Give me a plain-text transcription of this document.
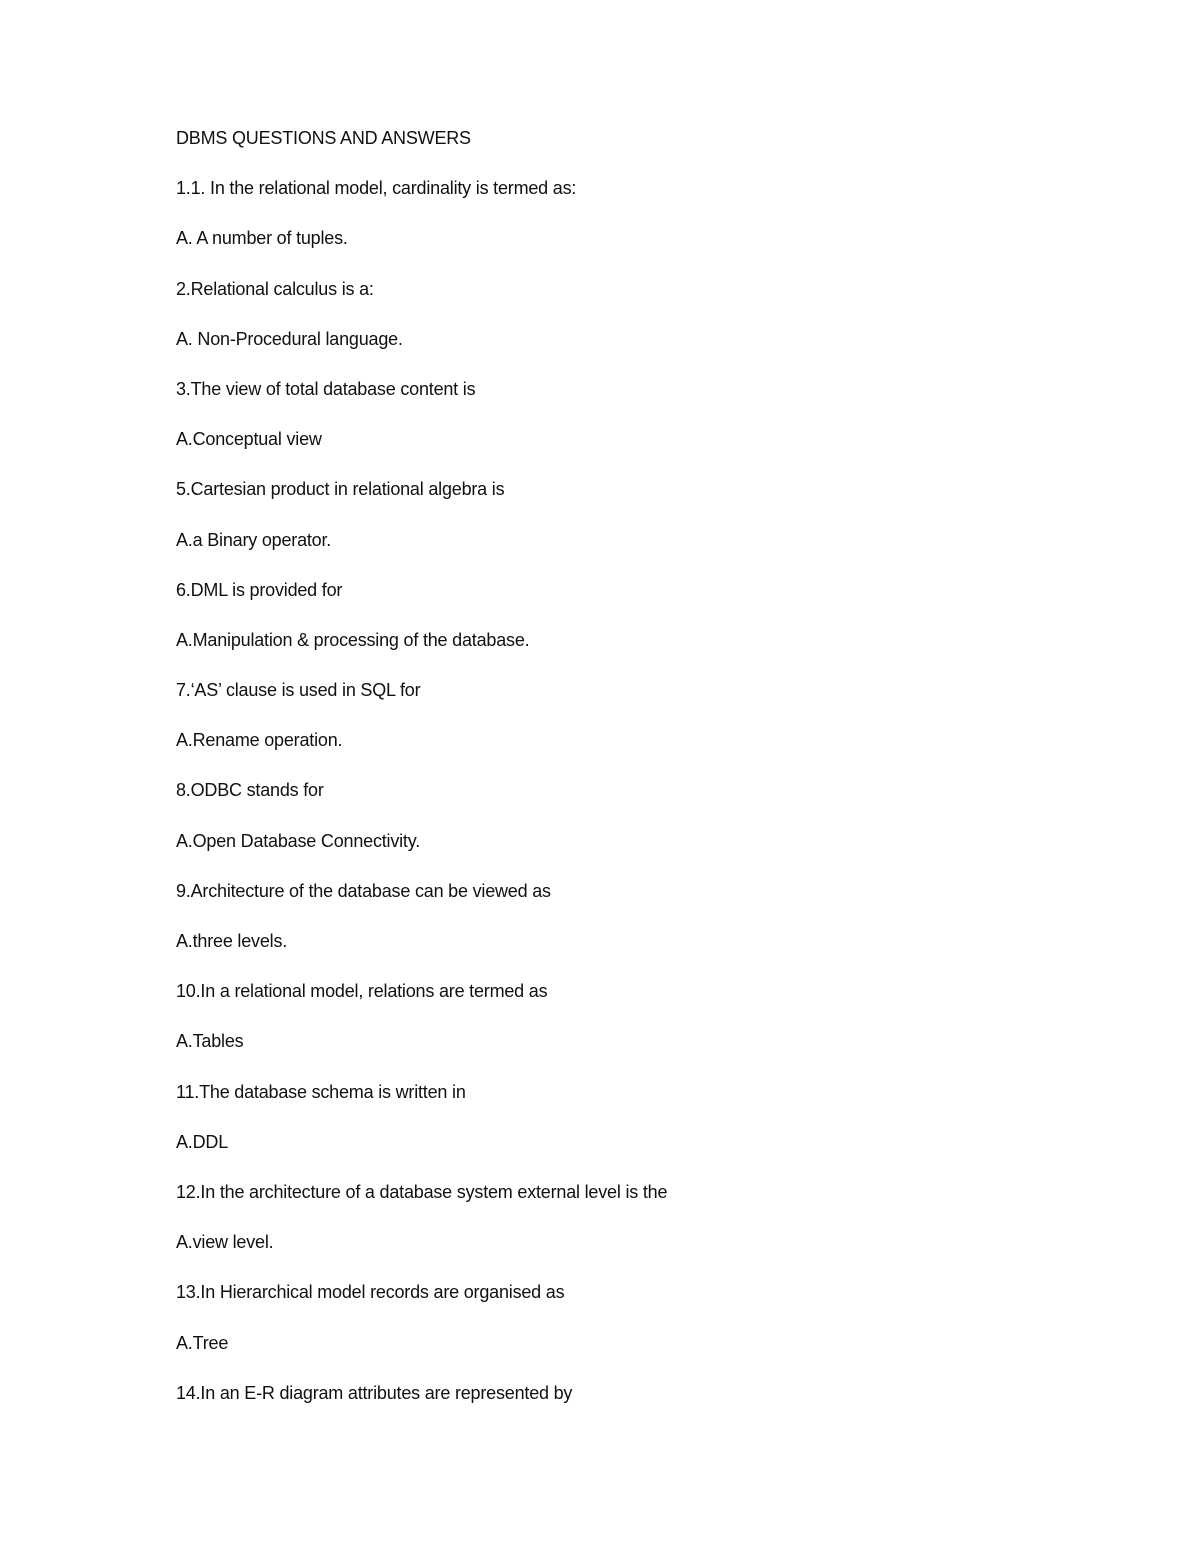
DBMS QUESTIONS AND ANSWERS
1.1. In the relational model, cardinality is termed as:
A. A number of tuples.
2.Relational calculus is a:
A. Non-Procedural language.
3.The view of total database content is
A.Conceptual view
5.Cartesian product in relational algebra is
A.a Binary operator.
6.DML is provided for
A.Manipulation & processing of the database.
7.‘AS’ clause is used in SQL for
A.Rename operation.
8.ODBC stands for
A.Open Database Connectivity.
9.Architecture of the database can be viewed as
A.three levels.
10.In a relational model, relations are termed as
A.Tables
11.The database schema is written in
A.DDL
12.In the architecture of a database system external level is the
A.view level.
13.In Hierarchical model records are organised as
A.Tree
14.In an E-R diagram attributes are represented by
